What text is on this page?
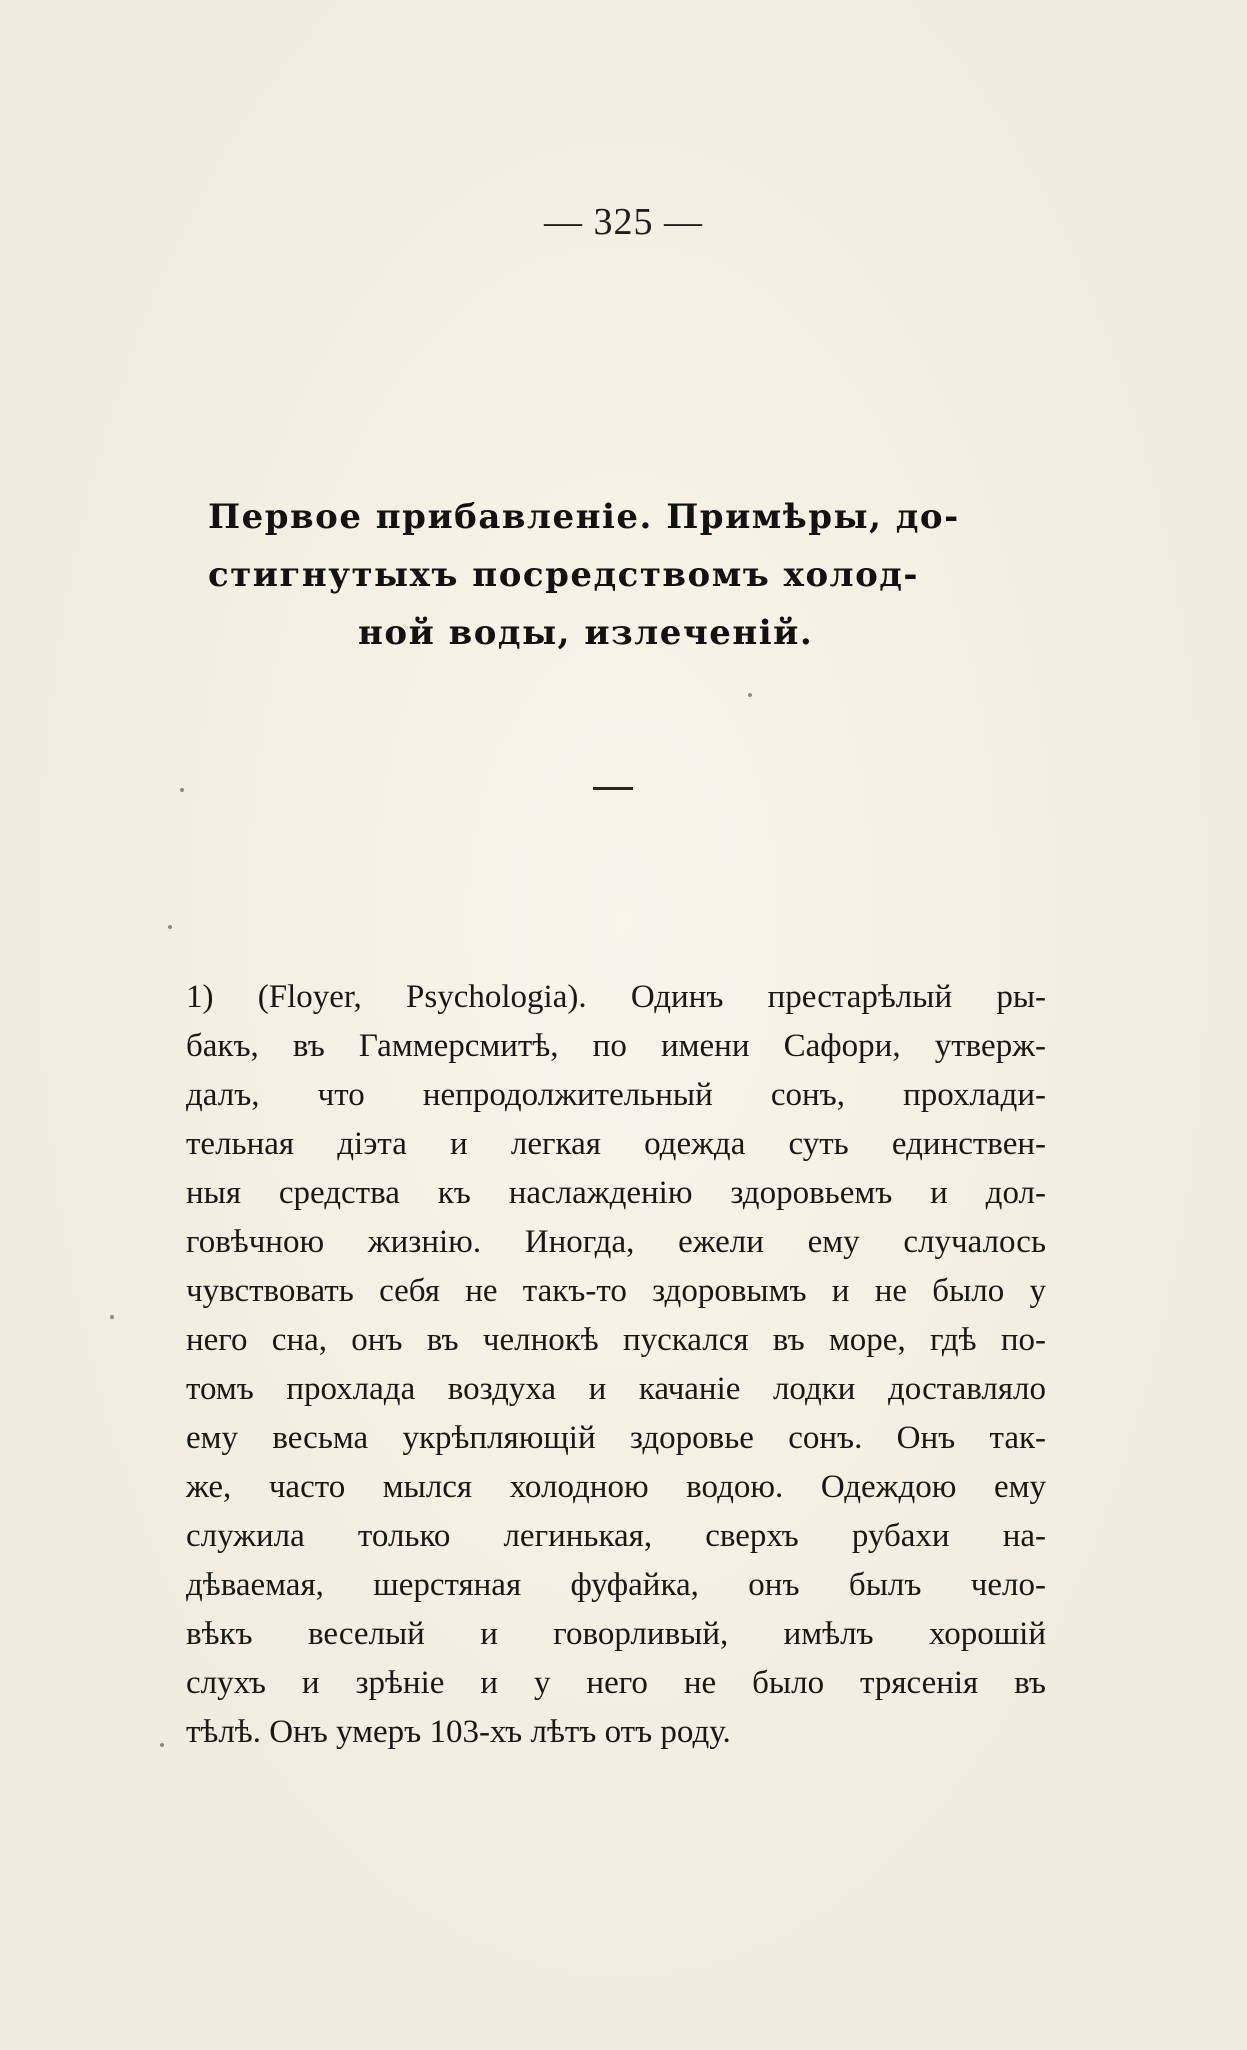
— 325 —
Первое прибавленіе. Примѣры, до-
стигнутыхъ посредствомъ холод-
ной воды, излеченій.
1) (Floyer, Psychologia). Одинъ престарѣлый ры-
бакъ, въ Гаммерсмитѣ, по имени Сафори, утверж-
далъ, что непродолжительный сонъ, прохлади-
тельная діэта и легкая одежда суть единствен-
ныя средства къ наслажденію здоровьемъ и дол-
говѣчною жизнію. Иногда, ежели ему случалось
чувствовать себя не такъ-то здоровымъ и не было у
него сна, онъ въ челнокѣ пускался въ море, гдѣ по-
томъ прохлада воздуха и качаніе лодки доставляло
ему весьма укрѣпляющій здоровье сонъ. Онъ так-
же, часто мылся холодною водою. Одеждою ему
служила только легинькая, сверхъ рубахи на-
дѣваемая, шерстяная фуфайка, онъ былъ чело-
вѣкъ веселый и говорливый, имѣлъ хорошій
слухъ и зрѣніе и у него не было трясенія въ
тѣлѣ. Онъ умеръ 103-хъ лѣтъ отъ роду.
